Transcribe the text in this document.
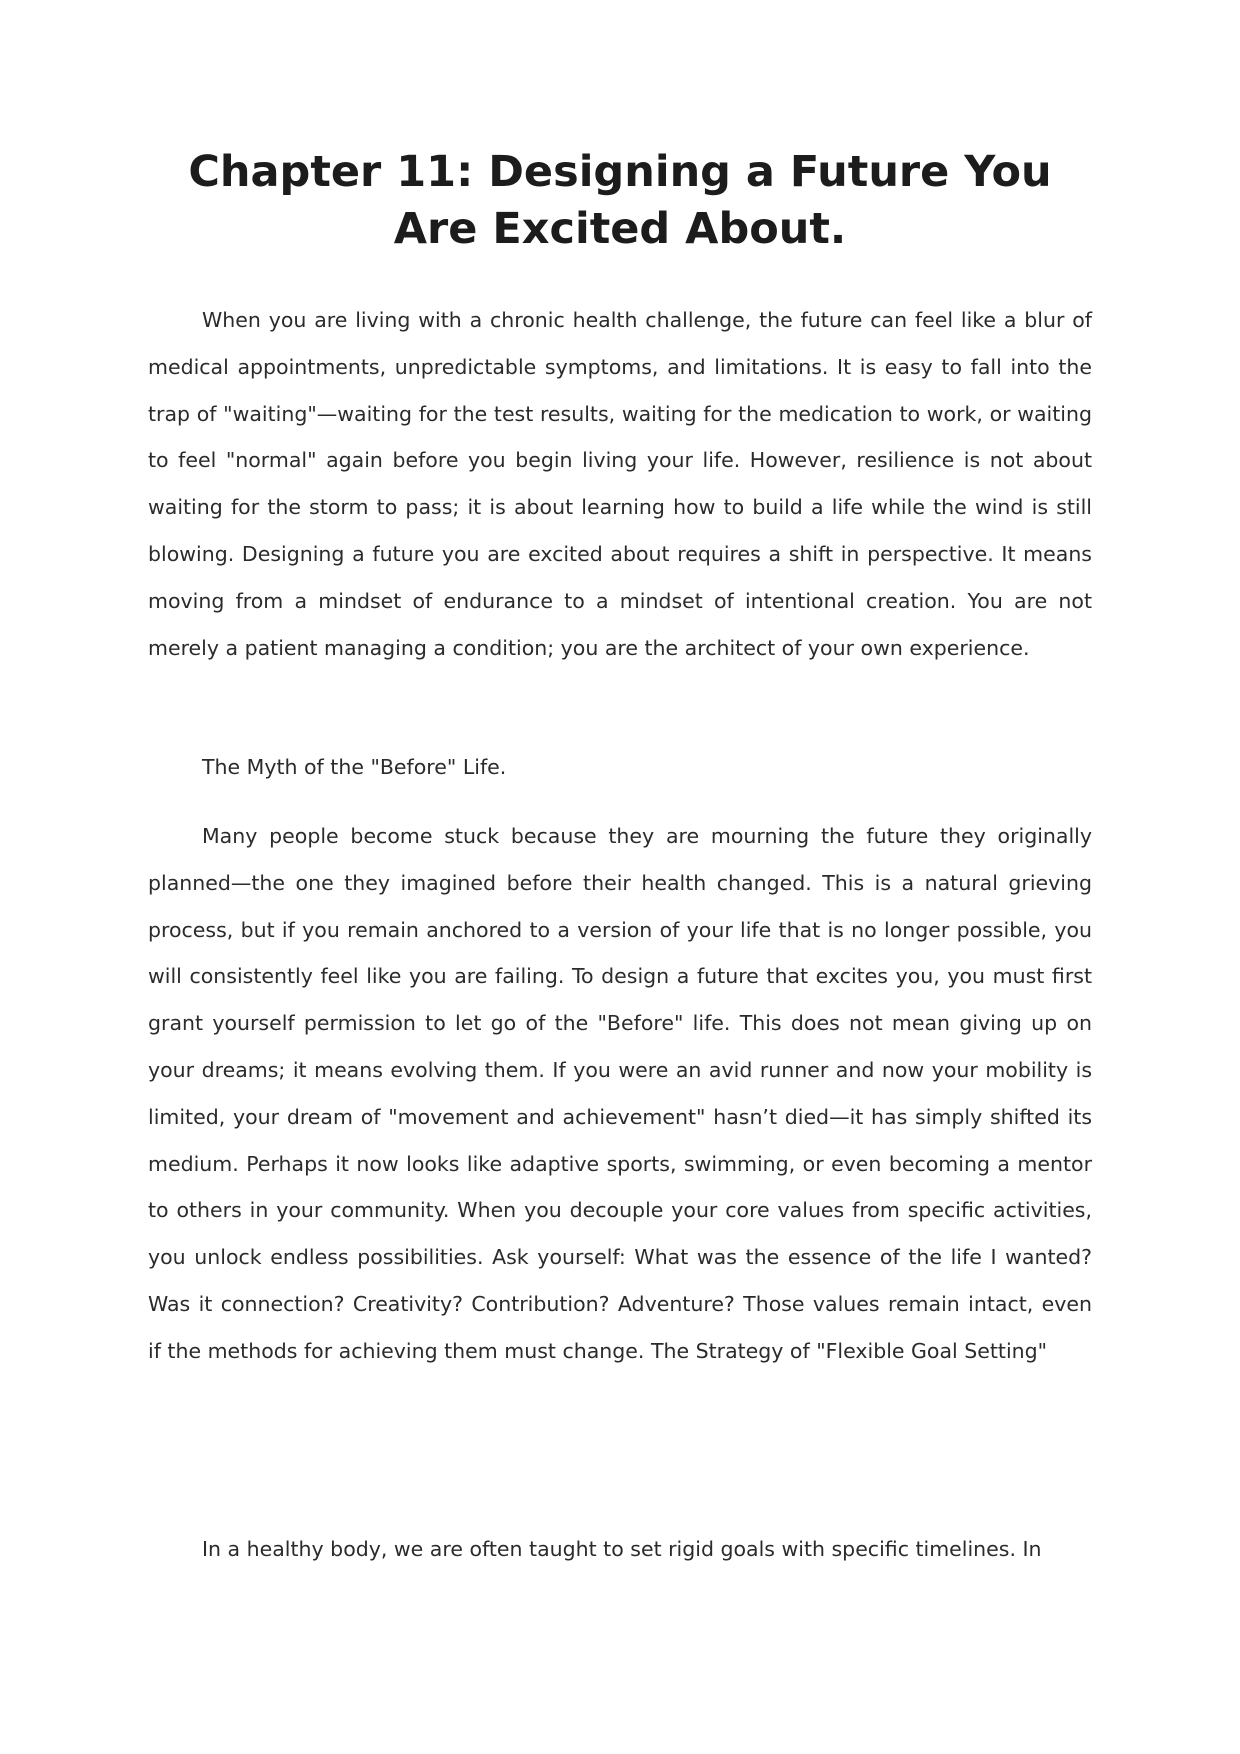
Chapter 11: Designing a Future You Are Excited About.

When you are living with a chronic health challenge, the future can feel like a blur of medical appointments, unpredictable symptoms, and limitations. It is easy to fall into the trap of "waiting"—waiting for the test results, waiting for the medication to work, or waiting to feel "normal" again before you begin living your life. However, resilience is not about waiting for the storm to pass; it is about learning how to build a life while the wind is still blowing. Designing a future you are excited about requires a shift in perspective. It means moving from a mindset of endurance to a mindset of intentional creation. You are not merely a patient managing a condition; you are the architect of your own experience.

The Myth of the "Before" Life.

Many people become stuck because they are mourning the future they originally planned—the one they imagined before their health changed. This is a natural grieving process, but if you remain anchored to a version of your life that is no longer possible, you will consistently feel like you are failing. To design a future that excites you, you must first grant yourself permission to let go of the "Before" life. This does not mean giving up on your dreams; it means evolving them. If you were an avid runner and now your mobility is limited, your dream of "movement and achievement" hasn’t died—it has simply shifted its medium. Perhaps it now looks like adaptive sports, swimming, or even becoming a mentor to others in your community. When you decouple your core values from specific activities, you unlock endless possibilities. Ask yourself: What was the essence of the life I wanted? Was it connection? Creativity? Contribution? Adventure? Those values remain intact, even if the methods for achieving them must change. The Strategy of "Flexible Goal Setting"

In a healthy body, we are often taught to set rigid goals with specific timelines. In
